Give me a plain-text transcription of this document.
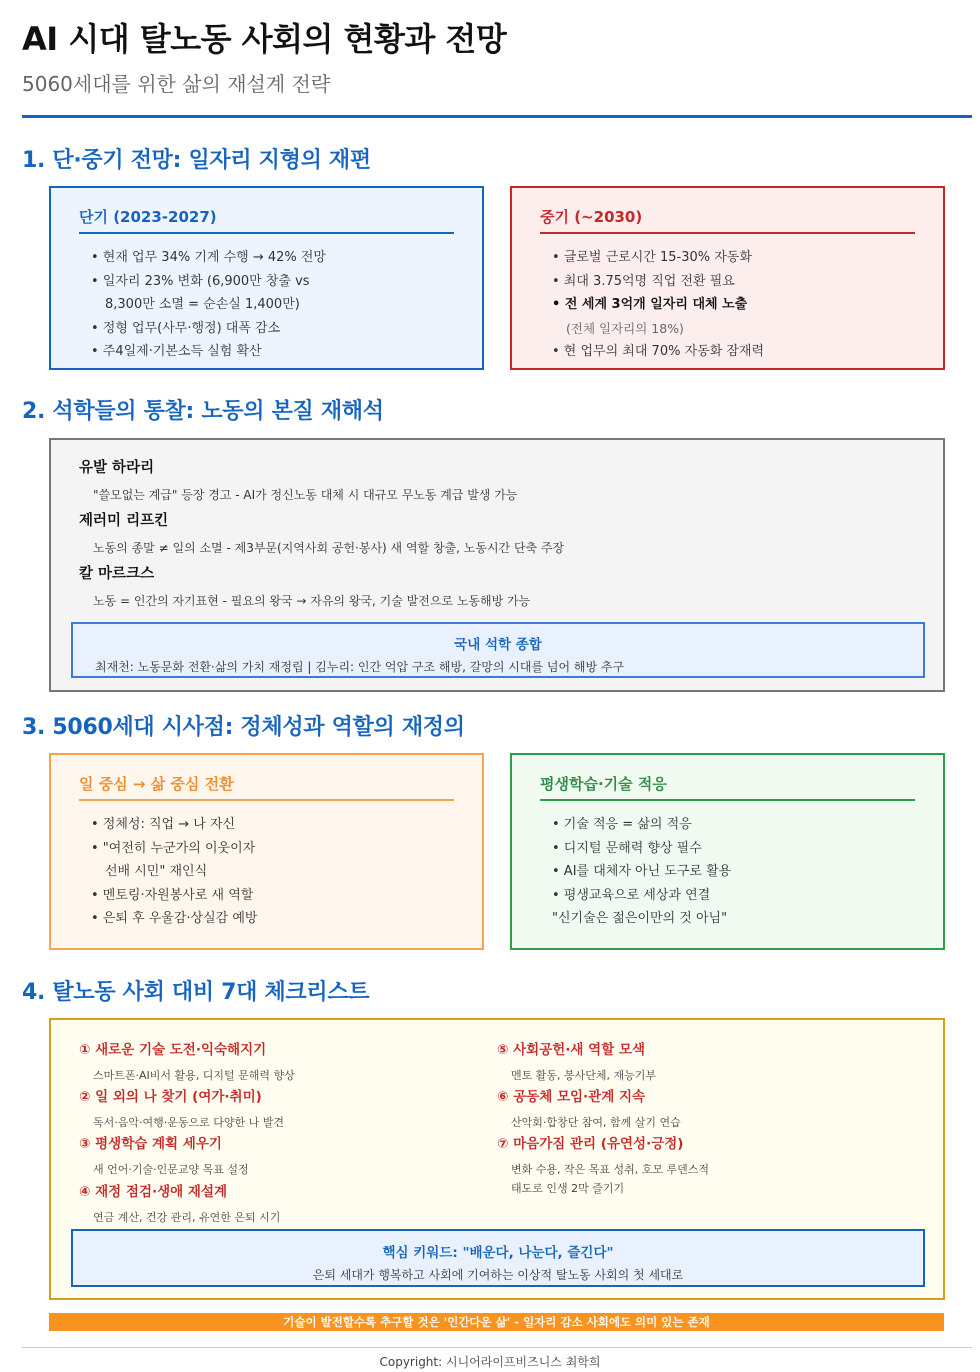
AI 시대 탈노동 사회의 현황과 전망
5060세대를 위한 삶의 재설계 전략
1. 단·중기 전망: 일자리 지형의 재편
단기 (2023-2027)
• 현재 업무 34% 기계 수행 → 42% 전망
• 일자리 23% 변화 (6,900만 창출 vs
8,300만 소멸 = 순손실 1,400만)
• 정형 업무(사무·행정) 대폭 감소
• 주4일제·기본소득 실험 확산
중기 (~2030)
• 글로벌 근로시간 15-30% 자동화
• 최대 3.75억명 직업 전환 필요
• 전 세계 3억개 일자리 대체 노출
(전체 일자리의 18%)
• 현 업무의 최대 70% 자동화 잠재력
2. 석학들의 통찰: 노동의 본질 재해석
유발 하라리
"쓸모없는 계급" 등장 경고 - AI가 정신노동 대체 시 대규모 무노동 계급 발생 가능
제러미 리프킨
노동의 종말 ≠ 일의 소멸 - 제3부문(지역사회 공헌·봉사) 새 역할 창출, 노동시간 단축 주장
칼 마르크스
노동 = 인간의 자기표현 - 필요의 왕국 → 자유의 왕국, 기술 발전으로 노동해방 가능
국내 석학 종합
최재천: 노동문화 전환·삶의 가치 재정립 | 김누리: 인간 억압 구조 해방, 갈망의 시대를 넘어 해방 추구
3. 5060세대 시사점: 정체성과 역할의 재정의
일 중심 → 삶 중심 전환
• 정체성: 직업 → 나 자신
• "여전히 누군가의 이웃이자
선배 시민" 재인식
• 멘토링·자원봉사로 새 역할
• 은퇴 후 우울감·상실감 예방
평생학습·기술 적응
• 기술 적응 = 삶의 적응
• 디지털 문해력 향상 필수
• AI를 대체자 아닌 도구로 활용
• 평생교육으로 세상과 연결
"신기술은 젊은이만의 것 아님"
4. 탈노동 사회 대비 7대 체크리스트
① 새로운 기술 도전·익숙해지기
스마트폰·AI비서 활용, 디지털 문해력 향상
② 일 외의 나 찾기 (여가·취미)
독서·음악·여행·운동으로 다양한 나 발견
③ 평생학습 계획 세우기
새 언어·기술·인문교양 목표 설정
④ 재정 점검·생애 재설계
연금 계산, 건강 관리, 유연한 은퇴 시기
⑤ 사회공헌·새 역할 모색
멘토 활동, 봉사단체, 재능기부
⑥ 공동체 모임·관계 지속
산악회·합창단 참여, 함께 살기 연습
⑦ 마음가짐 관리 (유연성·긍정)
변화 수용, 작은 목표 성취, 호모 루덴스적
태도로 인생 2막 즐기기
핵심 키워드: "배운다, 나눈다, 즐긴다"
은퇴 세대가 행복하고 사회에 기여하는 이상적 탈노동 사회의 첫 세대로
기술이 발전할수록 추구할 것은 '인간다운 삶' - 일자리 감소 사회에도 의미 있는 존재
Copyright: 시니어라이프비즈니스 최학희
